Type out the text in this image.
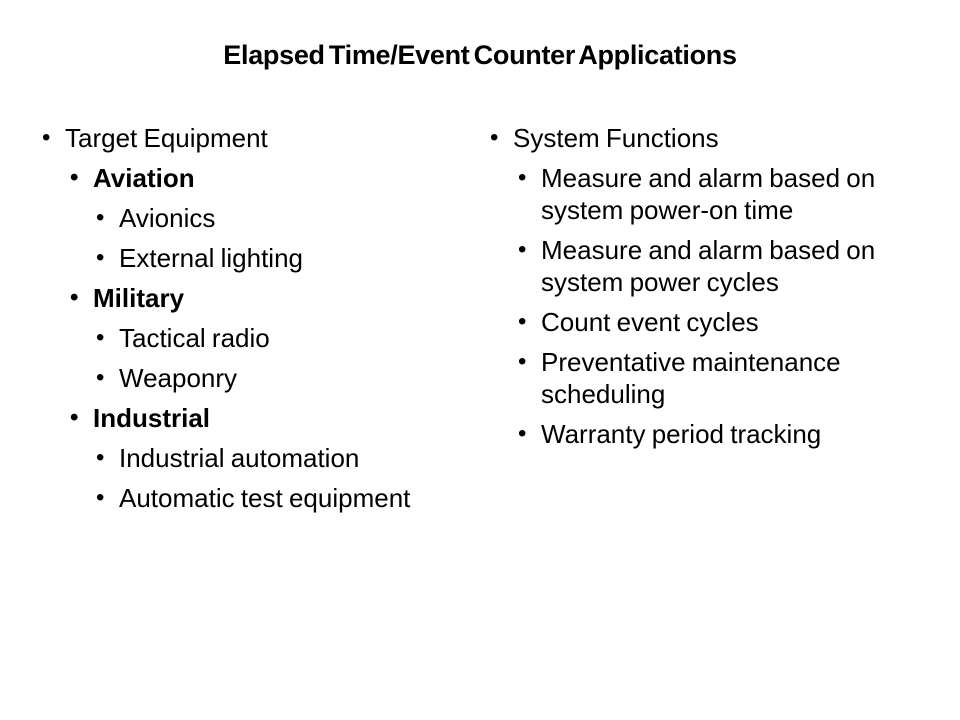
Elapsed Time/Event Counter Applications
• Target Equipment
• Aviation
• Avionics
• External lighting
• Military
• Tactical radio
• Weaponry
• Industrial
• Industrial automation
• Automatic test equipment
• System Functions
• Measure and alarm based on system power-on time
• Measure and alarm based on system power cycles
• Count event cycles
• Preventative maintenance scheduling
• Warranty period tracking
